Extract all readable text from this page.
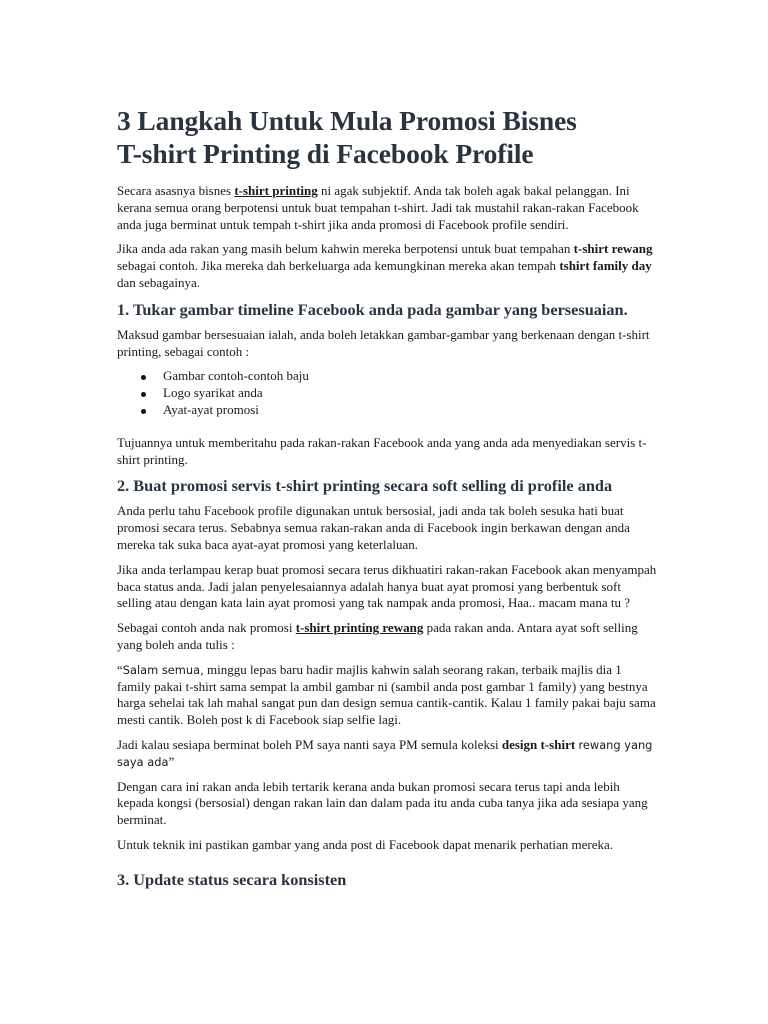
3 Langkah Untuk Mula Promosi Bisnes
T-shirt Printing di Facebook Profile

Secara asasnya bisnes t-shirt printing ni agak subjektif. Anda tak boleh agak bakal pelanggan. Ini kerana semua orang berpotensi untuk buat tempahan t-shirt. Jadi tak mustahil rakan-rakan Facebook anda juga berminat untuk tempah t-shirt jika anda promosi di Facebook profile sendiri.

Jika anda ada rakan yang masih belum kahwin mereka berpotensi untuk buat tempahan t-shirt rewang sebagai contoh. Jika mereka dah berkeluarga ada kemungkinan mereka akan tempah tshirt family day dan sebagainya.

1. Tukar gambar timeline Facebook anda pada gambar yang bersesuaian.

Maksud gambar bersesuaian ialah, anda boleh letakkan gambar-gambar yang berkenaan dengan t-shirt printing, sebagai contoh :

Gambar contoh-contoh baju
Logo syarikat anda
Ayat-ayat promosi

Tujuannya untuk memberitahu pada rakan-rakan Facebook anda yang anda ada menyediakan servis t-shirt printing.

2. Buat promosi servis t-shirt printing secara soft selling di profile anda

Anda perlu tahu Facebook profile digunakan untuk bersosial, jadi anda tak boleh sesuka hati buat promosi secara terus. Sebabnya semua rakan-rakan anda di Facebook ingin berkawan dengan anda mereka tak suka baca ayat-ayat promosi yang keterlaluan.

Jika anda terlampau kerap buat promosi secara terus dikhuatiri rakan-rakan Facebook akan menyampah baca status anda. Jadi jalan penyelesaiannya adalah hanya buat ayat promosi yang berbentuk soft selling atau dengan kata lain ayat promosi yang tak nampak anda promosi, Haa.. macam mana tu ?

Sebagai contoh anda nak promosi t-shirt printing rewang pada rakan anda. Antara ayat soft selling yang boleh anda tulis :

“Salam semua, minggu lepas baru hadir majlis kahwin salah seorang rakan, terbaik majlis dia 1 family pakai t-shirt sama sempat la ambil gambar ni (sambil anda post gambar 1 family) yang bestnya harga sehelai tak lah mahal sangat pun dan design semua cantik-cantik. Kalau 1 family pakai baju sama mesti cantik. Boleh post k di Facebook siap selfie lagi.

Jadi kalau sesiapa berminat boleh PM saya nanti saya PM semula koleksi design t-shirt rewang yang saya ada”

Dengan cara ini rakan anda lebih tertarik kerana anda bukan promosi secara terus tapi anda lebih kepada kongsi (bersosial) dengan rakan lain dan dalam pada itu anda cuba tanya jika ada sesiapa yang berminat.

Untuk teknik ini pastikan gambar yang anda post di Facebook dapat menarik perhatian mereka.

3. Update status secara konsisten
